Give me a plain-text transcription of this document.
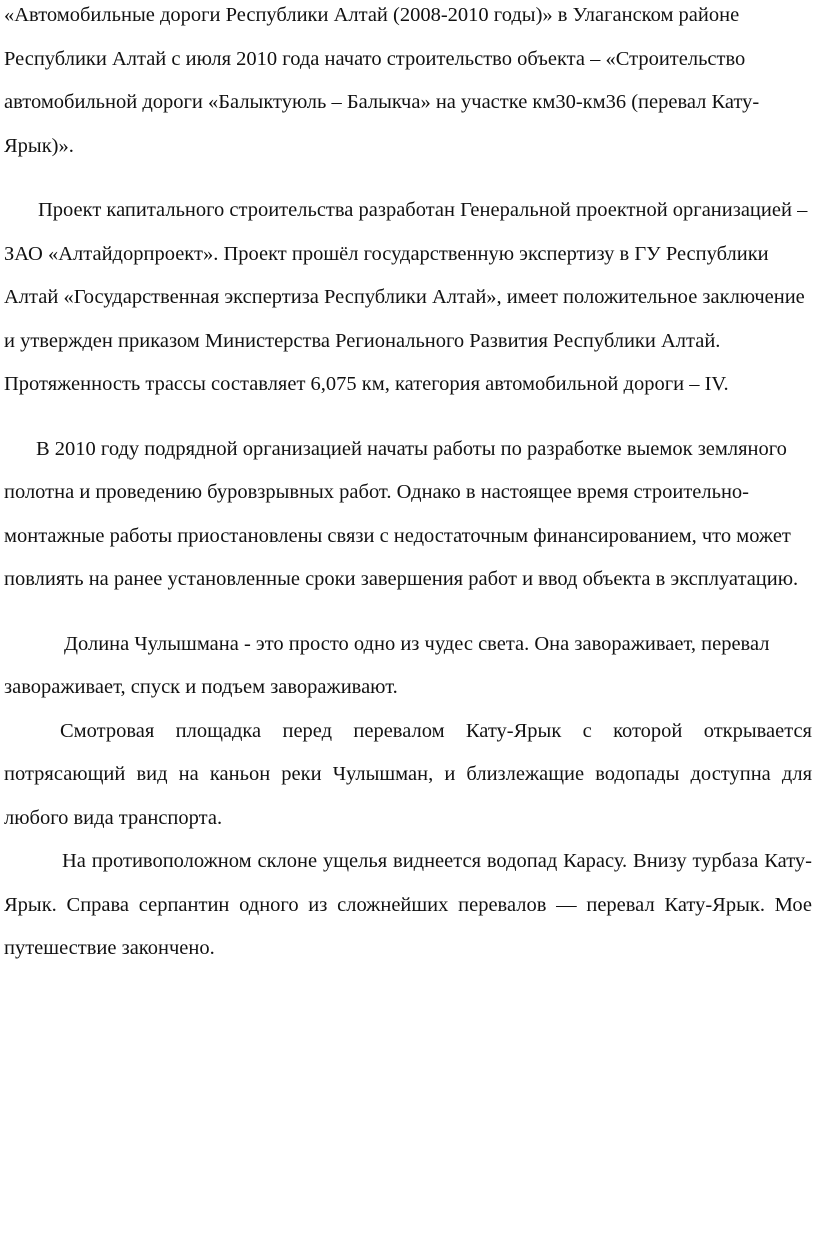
«Автомобильные дороги Республики Алтай (2008-2010 годы)» в Улаганском районе Республики Алтай с июля 2010 года начато строительство объекта – «Строительство автомобильной дороги «Балыктуюль – Балыкча» на участке км30-км36 (перевал Кату-Ярык)».

Проект капитального строительства разработан Генеральной проектной организацией – ЗАО «Алтайдорпроект». Проект прошёл государственную экспертизу в ГУ Республики Алтай «Государственная экспертиза Республики Алтай», имеет положительное заключение и утвержден приказом Министерства Регионального Развития Республики Алтай. Протяженность трассы составляет 6,075 км, категория автомобильной дороги – IV.

В 2010 году подрядной организацией начаты работы по разработке выемок земляного полотна и проведению буровзрывных работ. Однако в настоящее время строительно-монтажные работы приостановлены связи с недостаточным финансированием, что может повлиять на ранее установленные сроки завершения работ и ввод объекта в эксплуатацию.

Долина Чулышмана - это просто одно из чудес света. Она завораживает, перевал завораживает, спуск и подъем завораживают.

Смотровая площадка перед перевалом Кату-Ярык с которой открывается потрясающий вид на каньон реки Чулышман, и близлежащие водопады доступна для любого вида транспорта.

На противоположном склоне ущелья виднеется водопад Карасу. Внизу турбаза Кату-Ярык. Справа серпантин одного из сложнейших перевалов — перевал Кату-Ярык. Мое путешествие закончено.
